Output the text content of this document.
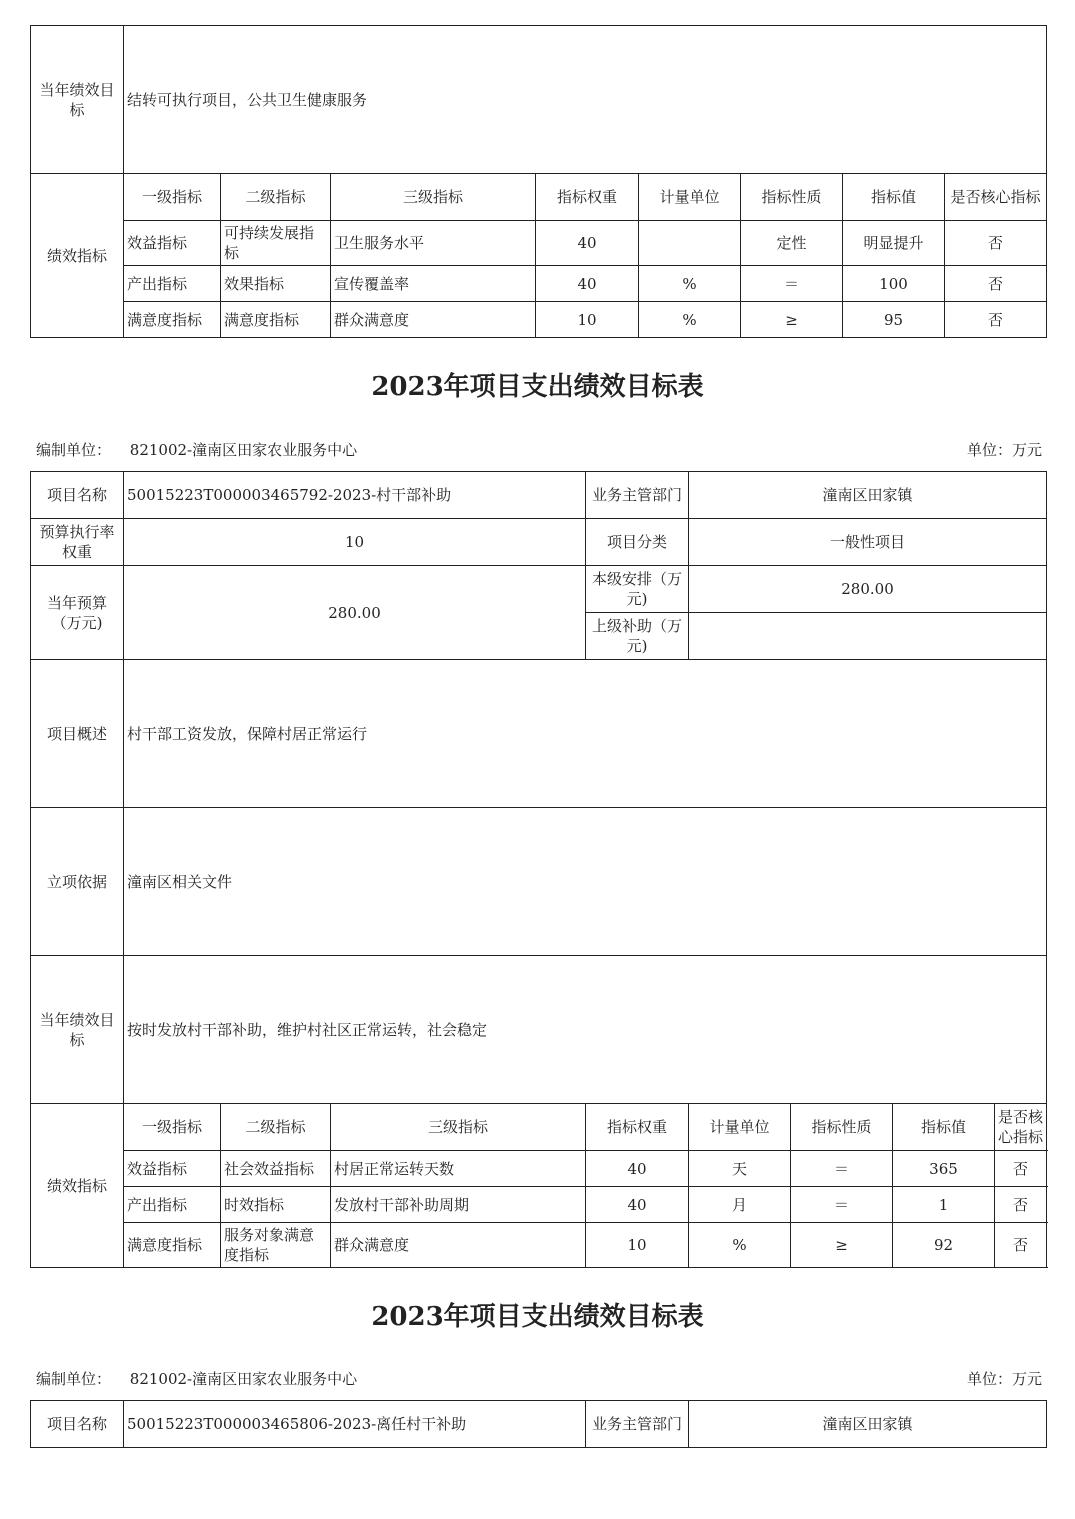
当年绩效目标	结转可执行项目，公共卫生健康服务							
绩效指标	一级指标	二级指标	三级指标	指标权重	计量单位	指标性质	指标值	是否核心指标
	效益指标	可持续发展指标	卫生服务水平	40		定性	明显提升	否
	产出指标	效果指标	宣传覆盖率	40	%	＝	100	否
	满意度指标	满意度指标	群众满意度	10	%	≥	95	否
2023年项目支出绩效目标表
编制单位： 821002-潼南区田家农业服务中心	单位：万元
项目名称	50015223T000003465792-2023-村干部补助			业务主管部门	潼南区田家镇			
预算执行率权重	10			项目分类	一般性项目			
当年预算（万元)	280.00			本级安排（万元)	280.00			
				上级补助（万元)				
项目概述	村干部工资发放，保障村居正常运行							
立项依据	潼南区相关文件							
当年绩效目标	按时发放村干部补助，维护村社区正常运转，社会稳定							
绩效指标	一级指标	二级指标	三级指标	指标权重	计量单位	指标性质	指标值	是否核心指标
	效益指标	社会效益指标	村居正常运转天数	40	天	＝	365	否
	产出指标	时效指标	发放村干部补助周期	40	月	＝	1	否
	满意度指标	服务对象满意度指标	群众满意度	10	%	≥	92	否
2023年项目支出绩效目标表
编制单位： 821002-潼南区田家农业服务中心	单位：万元
项目名称	50015223T000003465806-2023-离任村干补助	业务主管部门	潼南区田家镇
